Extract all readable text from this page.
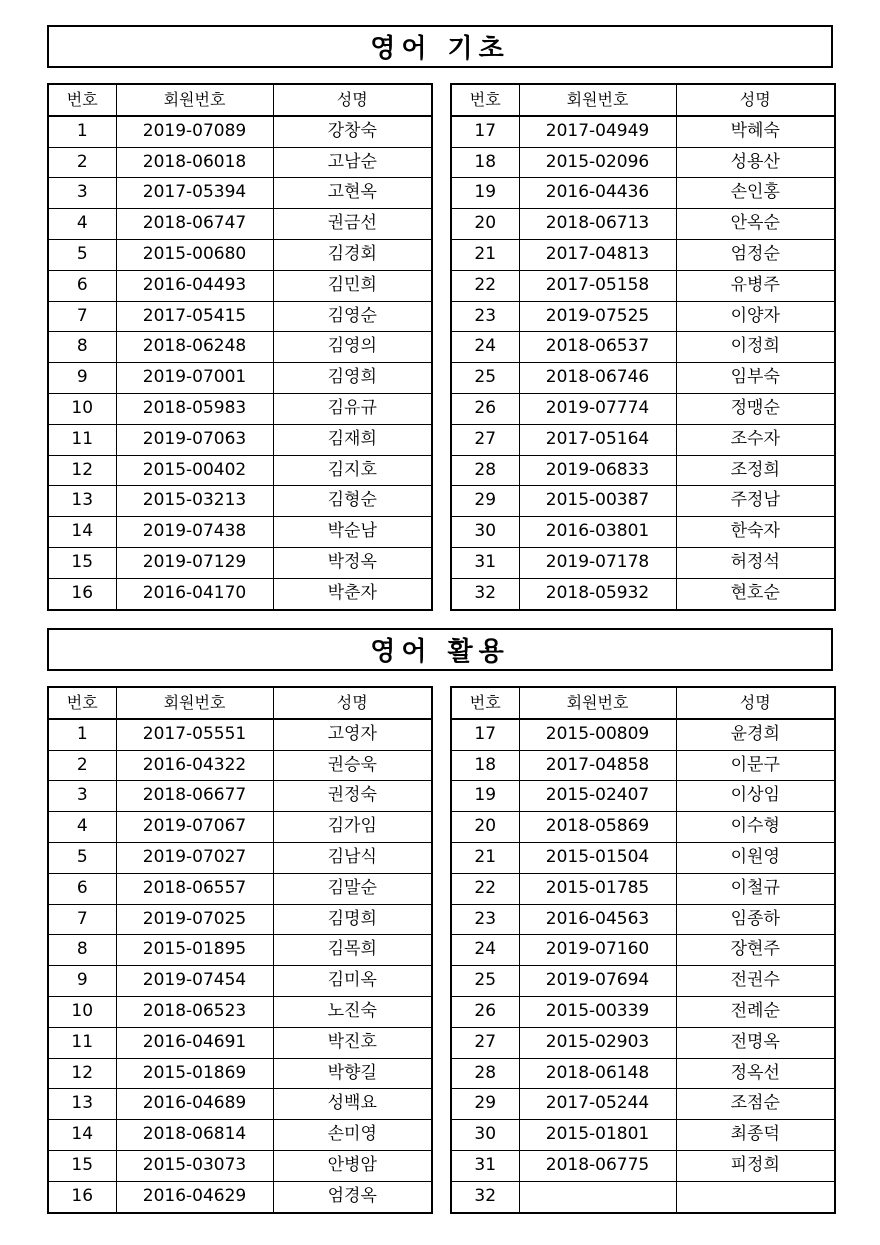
영어 기초
번호	회원번호	성명
1	2019-07089	강창숙
2	2018-06018	고남순
3	2017-05394	고현옥
4	2018-06747	권금선
5	2015-00680	김경회
6	2016-04493	김민희
7	2017-05415	김영순
8	2018-06248	김영의
9	2019-07001	김영희
10	2018-05983	김유규
11	2019-07063	김재희
12	2015-00402	김지호
13	2015-03213	김형순
14	2019-07438	박순남
15	2019-07129	박정옥
16	2016-04170	박춘자
번호	회원번호	성명
17	2017-04949	박혜숙
18	2015-02096	성용산
19	2016-04436	손인홍
20	2018-06713	안옥순
21	2017-04813	엄정순
22	2017-05158	유병주
23	2019-07525	이양자
24	2018-06537	이정희
25	2018-06746	임부숙
26	2019-07774	정맹순
27	2017-05164	조수자
28	2019-06833	조정희
29	2015-00387	주정남
30	2016-03801	한숙자
31	2019-07178	허정석
32	2018-05932	현호순
영어 활용
번호	회원번호	성명
1	2017-05551	고영자
2	2016-04322	권승욱
3	2018-06677	권정숙
4	2019-07067	김가임
5	2019-07027	김남식
6	2018-06557	김말순
7	2019-07025	김명희
8	2015-01895	김목희
9	2019-07454	김미옥
10	2018-06523	노진숙
11	2016-04691	박진호
12	2015-01869	박향길
13	2016-04689	성백요
14	2018-06814	손미영
15	2015-03073	안병암
16	2016-04629	엄경옥
번호	회원번호	성명
17	2015-00809	윤경희
18	2017-04858	이문구
19	2015-02407	이상임
20	2018-05869	이수형
21	2015-01504	이원영
22	2015-01785	이철규
23	2016-04563	임종하
24	2019-07160	장현주
25	2019-07694	전권수
26	2015-00339	전례순
27	2015-02903	전명옥
28	2018-06148	정옥선
29	2017-05244	조점순
30	2015-01801	최종덕
31	2018-06775	피정희
32		
